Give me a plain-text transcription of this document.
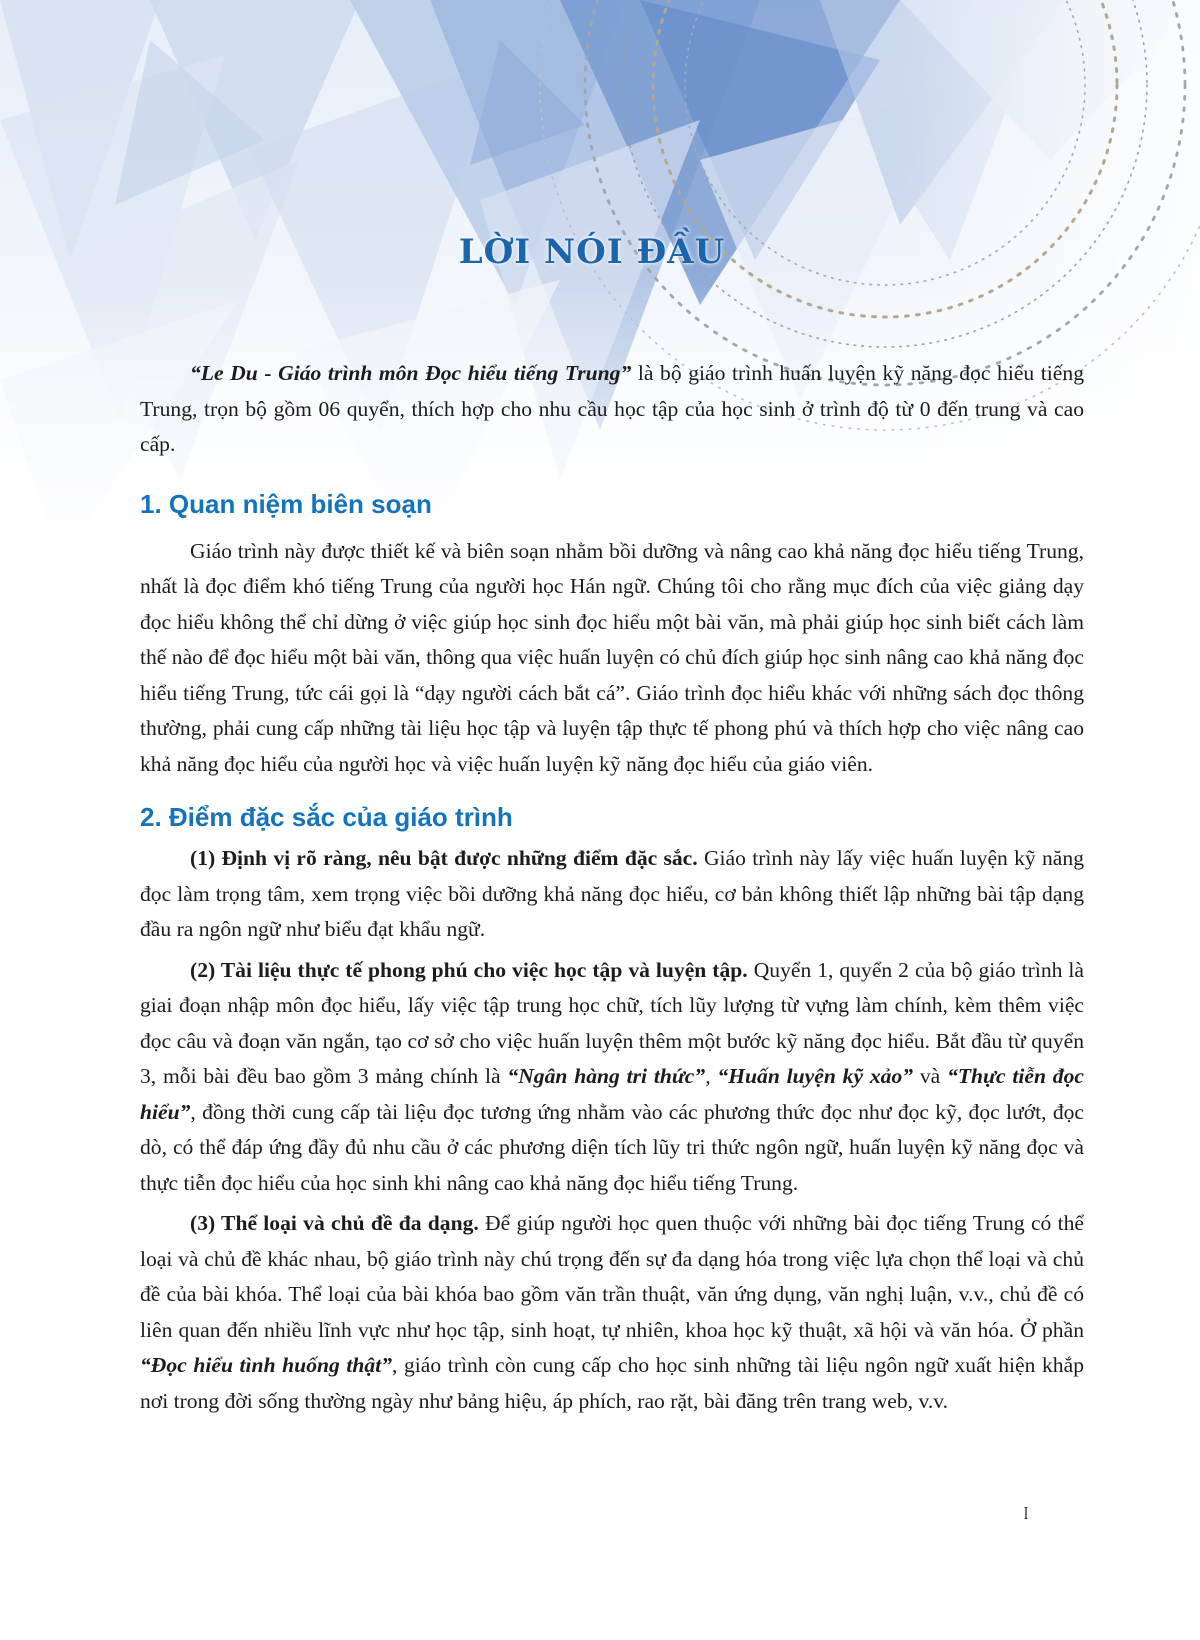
LỜI NÓI ĐẦU

“Le Du - Giáo trình môn Đọc hiểu tiếng Trung” là bộ giáo trình huấn luyện kỹ năng đọc hiểu tiếng Trung, trọn bộ gồm 06 quyển, thích hợp cho nhu cầu học tập của học sinh ở trình độ từ 0 đến trung và cao cấp.

1. Quan niệm biên soạn

Giáo trình này được thiết kế và biên soạn nhằm bồi dưỡng và nâng cao khả năng đọc hiểu tiếng Trung, nhất là đọc điểm khó tiếng Trung của người học Hán ngữ. Chúng tôi cho rằng mục đích của việc giảng dạy đọc hiểu không thể chỉ dừng ở việc giúp học sinh đọc hiểu một bài văn, mà phải giúp học sinh biết cách làm thế nào để đọc hiểu một bài văn, thông qua việc huấn luyện có chủ đích giúp học sinh nâng cao khả năng đọc hiểu tiếng Trung, tức cái gọi là “dạy người cách bắt cá”. Giáo trình đọc hiểu khác với những sách đọc thông thường, phải cung cấp những tài liệu học tập và luyện tập thực tế phong phú và thích hợp cho việc nâng cao khả năng đọc hiểu của người học và việc huấn luyện kỹ năng đọc hiểu của giáo viên.

2. Điểm đặc sắc của giáo trình

(1) Định vị rõ ràng, nêu bật được những điểm đặc sắc. Giáo trình này lấy việc huấn luyện kỹ năng đọc làm trọng tâm, xem trọng việc bồi dưỡng khả năng đọc hiểu, cơ bản không thiết lập những bài tập dạng đầu ra ngôn ngữ như biểu đạt khẩu ngữ.

(2) Tài liệu thực tế phong phú cho việc học tập và luyện tập. Quyển 1, quyển 2 của bộ giáo trình là giai đoạn nhập môn đọc hiểu, lấy việc tập trung học chữ, tích lũy lượng từ vựng làm chính, kèm thêm việc đọc câu và đoạn văn ngắn, tạo cơ sở cho việc huấn luyện thêm một bước kỹ năng đọc hiểu. Bắt đầu từ quyển 3, mỗi bài đều bao gồm 3 mảng chính là “Ngân hàng tri thức”, “Huấn luyện kỹ xảo” và “Thực tiễn đọc hiểu”, đồng thời cung cấp tài liệu đọc tương ứng nhằm vào các phương thức đọc như đọc kỹ, đọc lướt, đọc dò, có thể đáp ứng đầy đủ nhu cầu ở các phương diện tích lũy tri thức ngôn ngữ, huấn luyện kỹ năng đọc và thực tiễn đọc hiểu của học sinh khi nâng cao khả năng đọc hiểu tiếng Trung.

(3) Thể loại và chủ đề đa dạng. Để giúp người học quen thuộc với những bài đọc tiếng Trung có thể loại và chủ đề khác nhau, bộ giáo trình này chú trọng đến sự đa dạng hóa trong việc lựa chọn thể loại và chủ đề của bài khóa. Thể loại của bài khóa bao gồm văn trần thuật, văn ứng dụng, văn nghị luận, v.v., chủ đề có liên quan đến nhiều lĩnh vực như học tập, sinh hoạt, tự nhiên, khoa học kỹ thuật, xã hội và văn hóa. Ở phần “Đọc hiểu tình huống thật”, giáo trình còn cung cấp cho học sinh những tài liệu ngôn ngữ xuất hiện khắp nơi trong đời sống thường ngày như bảng hiệu, áp phích, rao rặt, bài đăng trên trang web, v.v.

I
